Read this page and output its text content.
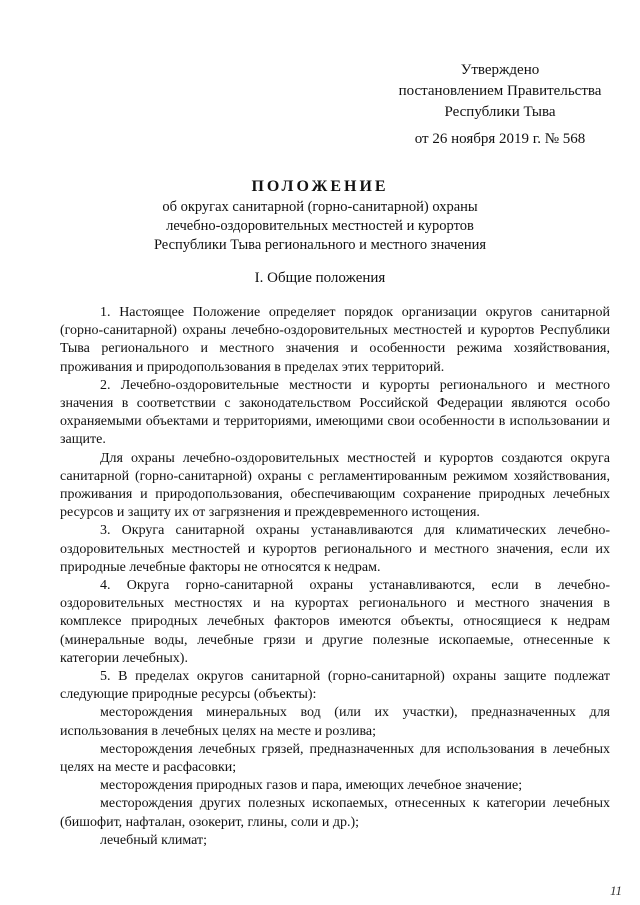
Утверждено
постановлением Правительства
Республики Тыва
от 26 ноября 2019 г. № 568
ПОЛОЖЕНИЕ
об округах санитарной (горно-санитарной) охраны
лечебно-оздоровительных местностей и курортов
Республики Тыва регионального и местного значения
I. Общие положения

1. Настоящее Положение определяет порядок организации округов санитарной (горно-санитарной) охраны лечебно-оздоровительных местностей и курортов Республики Тыва регионального и местного значения и особенности режима хозяйствования, проживания и природопользования в пределах этих территорий.

2. Лечебно-оздоровительные местности и курорты регионального и местного значения в соответствии с законодательством Российской Федерации являются особо охраняемыми объектами и территориями, имеющими свои особенности в использовании и защите.

Для охраны лечебно-оздоровительных местностей и курортов создаются округа санитарной (горно-санитарной) охраны с регламентированным режимом хозяйствования, проживания и природопользования, обеспечивающим сохранение природных лечебных ресурсов и защиту их от загрязнения и преждевременного истощения.

3. Округа санитарной охраны устанавливаются для климатических лечебно-оздоровительных местностей и курортов регионального и местного значения, если их природные лечебные факторы не относятся к недрам.

4. Округа горно-санитарной охраны устанавливаются, если в лечебно-оздоровительных местностях и на курортах регионального и местного значения в комплексе природных лечебных факторов имеются объекты, относящиеся к недрам (минеральные воды, лечебные грязи и другие полезные ископаемые, отнесенные к категории лечебных).

5. В пределах округов санитарной (горно-санитарной) охраны защите подлежат следующие природные ресурсы (объекты):

месторождения минеральных вод (или их участки), предназначенных для использования в лечебных целях на месте и розлива;

месторождения лечебных грязей, предназначенных для использования в лечебных целях на месте и расфасовки;

месторождения природных газов и пара, имеющих лечебное значение;

месторождения других полезных ископаемых, отнесенных к категории лечебных (бишофит, нафталан, озокерит, глины, соли и др.);

лечебный климат;

11
